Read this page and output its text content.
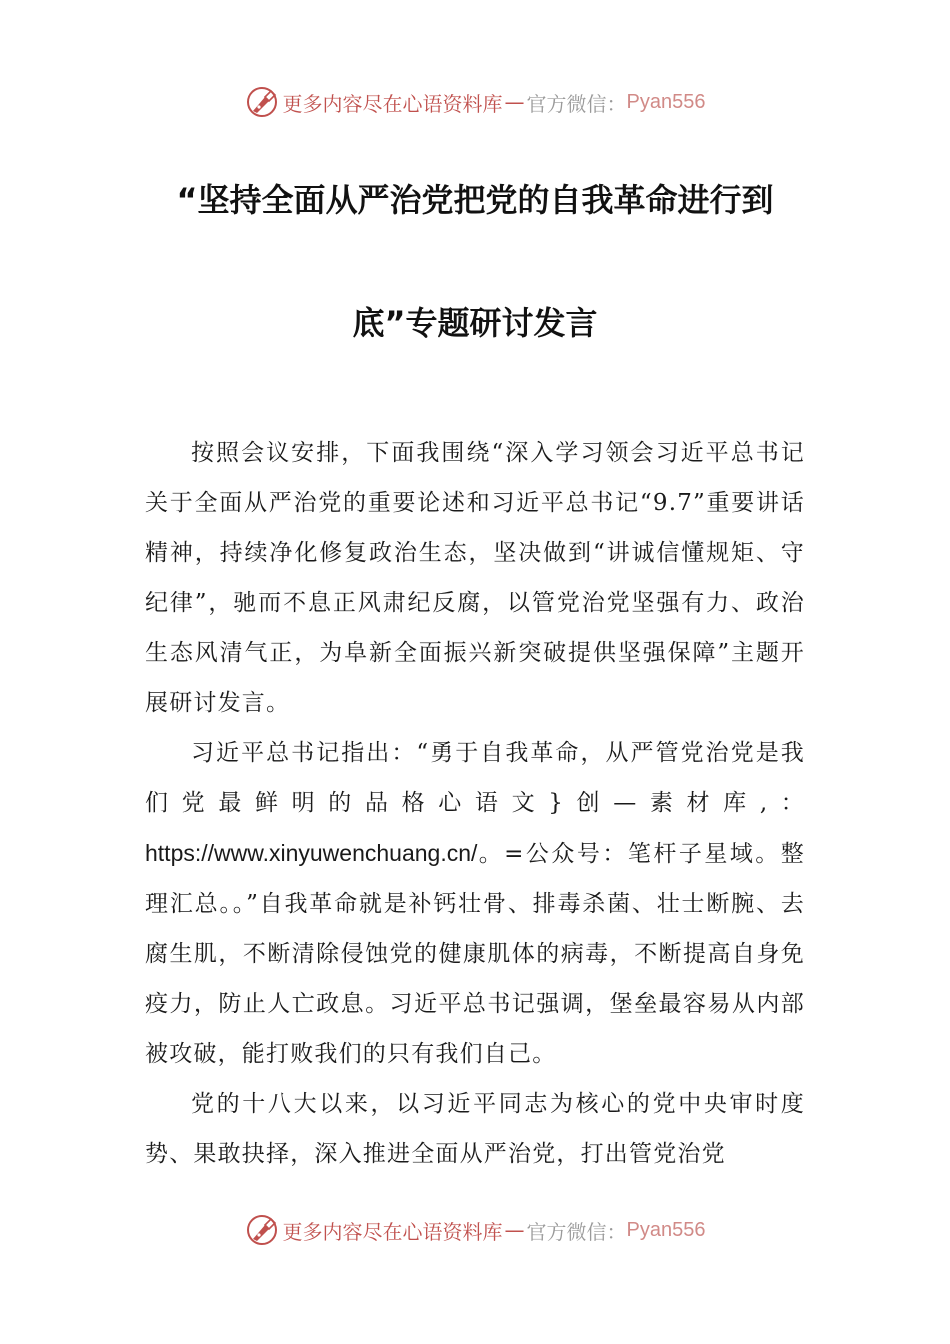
更多内容尽在心语资料库 — 官方微信： Pyan556
“坚持全面从严治党把党的自我革命进行到
底”专题研讨发言

按照会议安排，下面我围绕“深入学习领会习近平总书记关于全面从严治党的重要论述和习近平总书记“9.7”重要讲话精神，持续净化修复政治生态，坚决做到“讲诚信懂规矩、守纪律”，驰而不息正风肃纪反腐，以管党治党坚强有力、政治生态风清气正，为阜新全面振兴新突破提供坚强保障”主题开展研讨发言。

习近平总书记指出：“勇于自我革命，从严管党治党是我们党最鲜明的品格心语文}创—素材库,：https://www.xinyuwenchuang.cn/。=公众号：笔杆子星域。整理汇总。。”自我革命就是补钙壮骨、排毒杀菌、壮士断腕、去腐生肌，不断清除侵蚀党的健康肌体的病毒，不断提高自身免疫力，防止人亡政息。习近平总书记强调，堡垒最容易从内部被攻破，能打败我们的只有我们自己。

党的十八大以来，以习近平同志为核心的党中央审时度势、果敢抉择，深入推进全面从严治党，打出管党治党

更多内容尽在心语资料库 — 官方微信： Pyan556
